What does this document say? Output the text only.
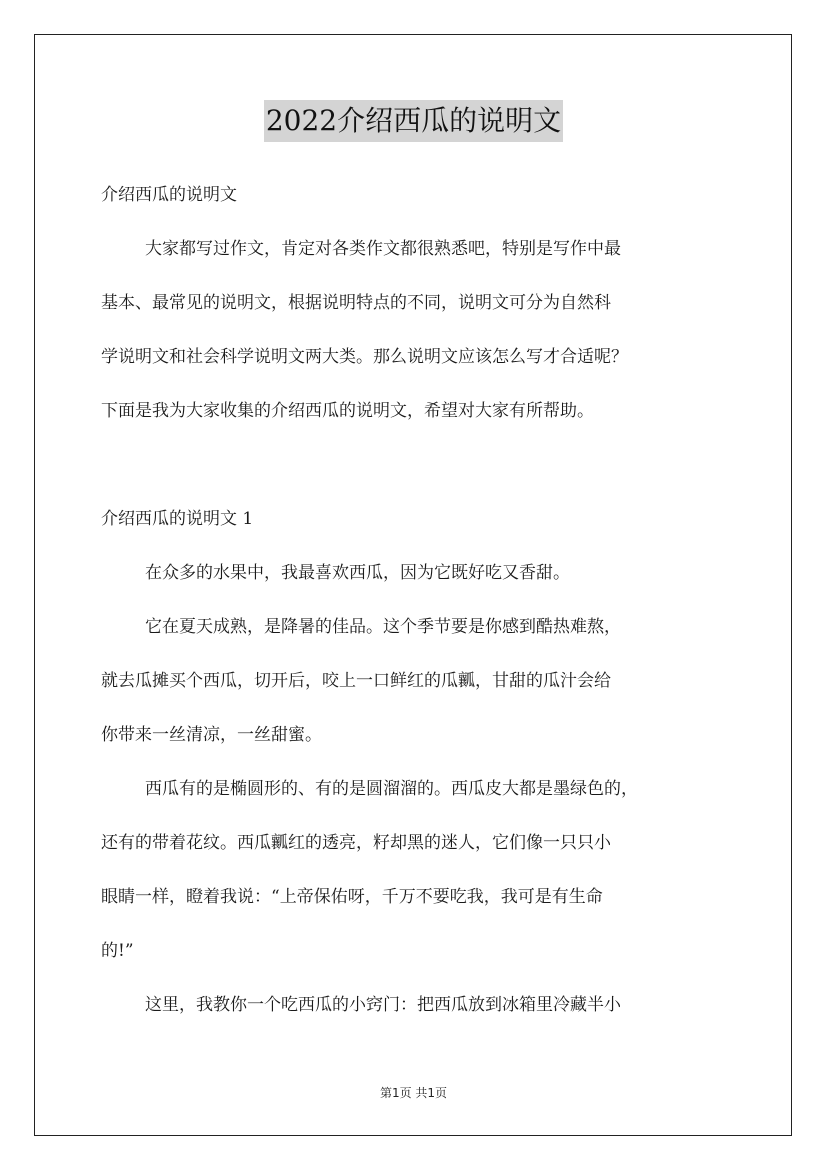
2022介绍西瓜的说明文

介绍西瓜的说明文

大家都写过作文，肯定对各类作文都很熟悉吧，特别是写作中最
基本、最常见的说明文，根据说明特点的不同，说明文可分为自然科
学说明文和社会科学说明文两大类。那么说明文应该怎么写才合适呢？
下面是我为大家收集的介绍西瓜的说明文，希望对大家有所帮助。

介绍西瓜的说明文 1

在众多的水果中，我最喜欢西瓜，因为它既好吃又香甜。

它在夏天成熟，是降暑的佳品。这个季节要是你感到酷热难熬，
就去瓜摊买个西瓜，切开后，咬上一口鲜红的瓜瓤，甘甜的瓜汁会给
你带来一丝清凉，一丝甜蜜。

西瓜有的是椭圆形的、有的是圆溜溜的。西瓜皮大都是墨绿色的，
还有的带着花纹。西瓜瓤红的透亮，籽却黑的迷人，它们像一只只小
眼睛一样，瞪着我说：“上帝保佑呀，千万不要吃我，我可是有生命
的!”

这里，我教你一个吃西瓜的小窍门：把西瓜放到冰箱里冷藏半小

第1页 共1页
